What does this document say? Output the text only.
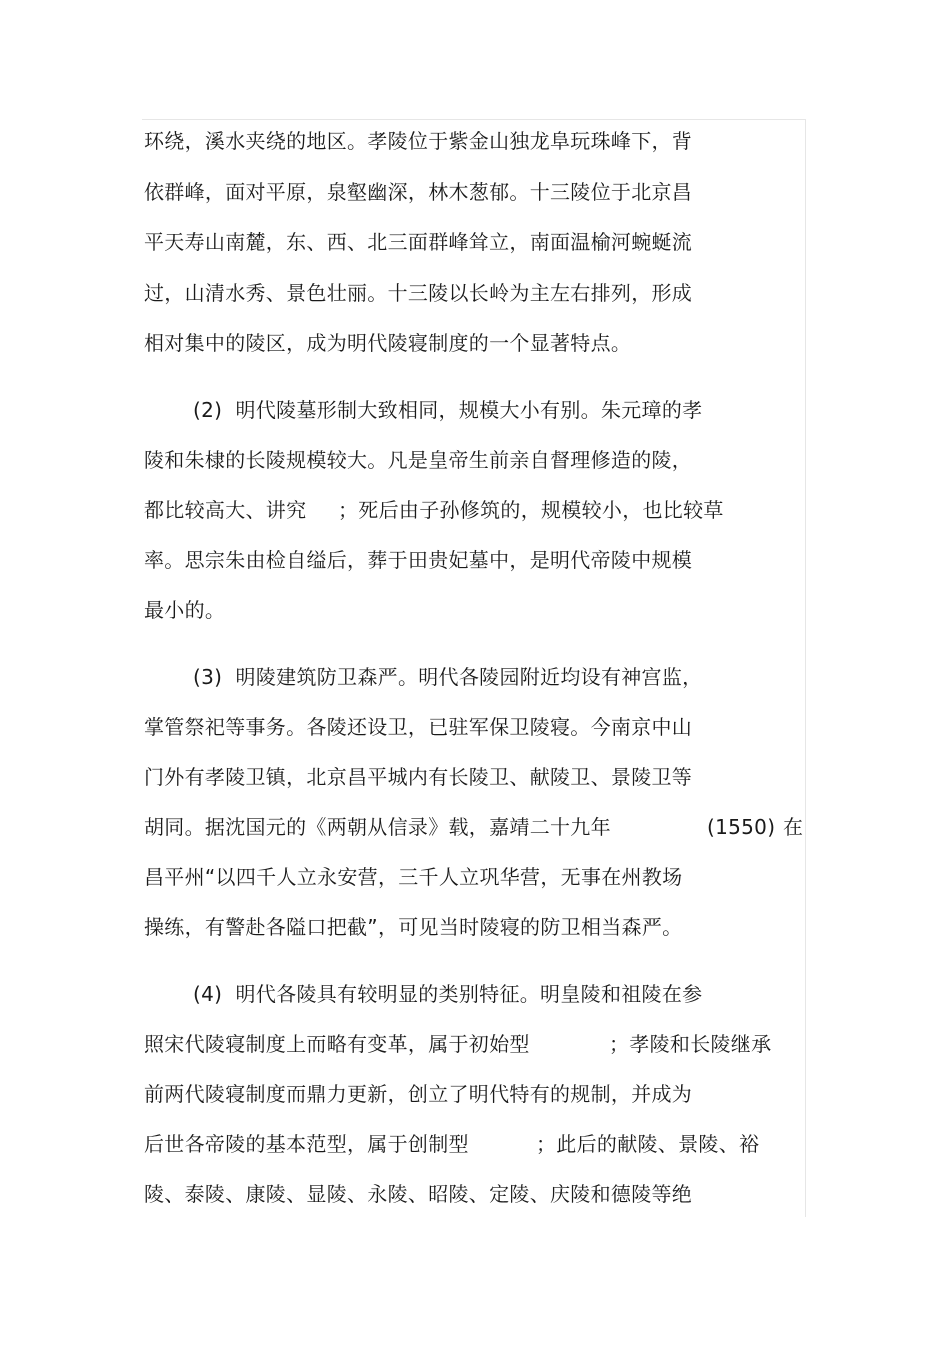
环绕，溪水夹绕的地区。孝陵位于紫金山独龙阜玩珠峰下，背
依群峰，面对平原，泉壑幽深，林木葱郁。十三陵位于北京昌
平天寿山南麓，东、西、北三面群峰耸立，南面温榆河蜿蜒流
过，山清水秀、景色壮丽。十三陵以长岭为主左右排列，形成
相对集中的陵区，成为明代陵寝制度的一个显著特点。
(2)  明代陵墓形制大致相同，规模大小有别。朱元璋的孝
陵和朱棣的长陵规模较大。凡是皇帝生前亲自督理修造的陵，
都比较高大、讲究 ；死后由子孙修筑的，规模较小，也比较草
率。思宗朱由检自缢后，葬于田贵妃墓中，是明代帝陵中规模
最小的。
(3)  明陵建筑防卫森严。明代各陵园附近均设有神宫监，
掌管祭祀等事务。各陵还设卫，已驻军保卫陵寝。今南京中山
门外有孝陵卫镇，北京昌平城内有长陵卫、献陵卫、景陵卫等
胡同。据沈国元的《两朝从信录》载，嘉靖二十九年	(1550) 在
昌平州“以四千人立永安营，三千人立巩华营，无事在州教场
操练，有警赴各隘口把截”，可见当时陵寝的防卫相当森严。
(4)  明代各陵具有较明显的类别特征。明皇陵和祖陵在参
照宋代陵寝制度上而略有变革，属于初始型	；孝陵和长陵继承
前两代陵寝制度而鼎力更新，创立了明代特有的规制，并成为
后世各帝陵的基本范型，属于创制型	；此后的献陵、景陵、裕
陵、泰陵、康陵、显陵、永陵、昭陵、定陵、庆陵和德陵等绝
